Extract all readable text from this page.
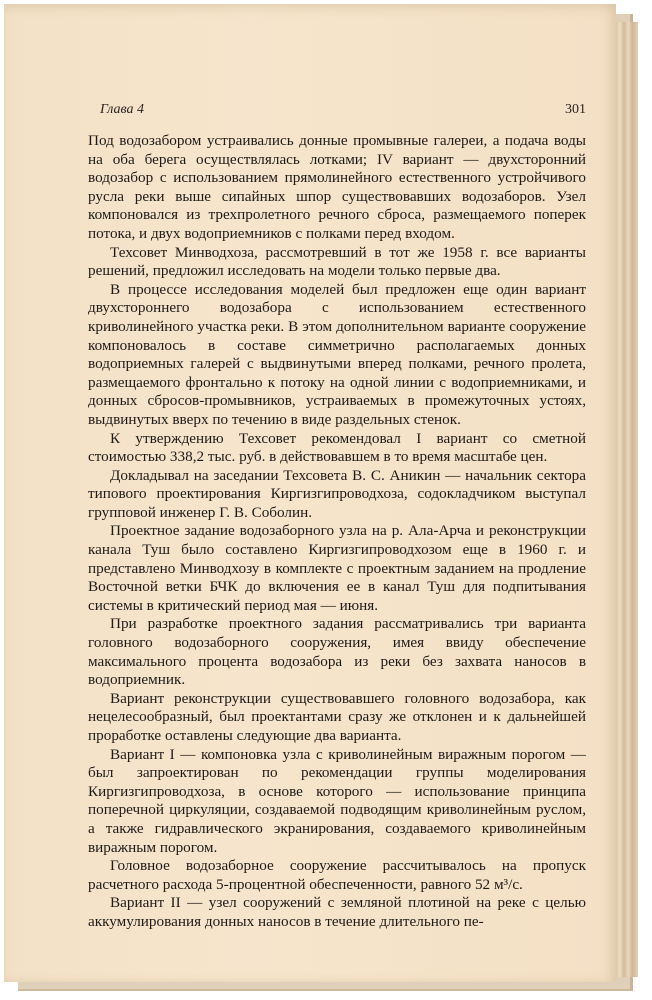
Глава 4	301

Под водозабором устраивались донные промывные галереи, а подача воды на оба берега осуществлялась лотками; IV вариант — двухсторонний водозабор с использованием прямолинейного естественного устройчивого русла реки выше сипайных шпор существовавших водозаборов. Узел компоновался из трехпролетного речного сброса, размещаемого поперек потока, и двух водоприемников с полками перед входом.

Техсовет Минводхоза, рассмотревший в тот же 1958 г. все варианты решений, предложил исследовать на модели только первые два.

В процессе исследования моделей был предложен еще один вариант двухстороннего водозабора с использованием естественного криволинейного участка реки. В этом дополнительном варианте сооружение компоновалось в составе симметрично располагаемых донных водоприемных галерей с выдвинутыми вперед полками, речного пролета, размещаемого фронтально к потоку на одной линии с водоприемниками, и донных сбросов-промывников, устраиваемых в промежуточных устоях, выдвинутых вверх по течению в виде раздельных стенок.

К утверждению Техсовет рекомендовал I вариант со сметной стоимостью 338,2 тыс. руб. в действовавшем в то время масштабе цен.

Докладывал на заседании Техсовета В. С. Аникин — начальник сектора типового проектирования Киргизгипроводхоза, содокладчиком выступал групповой инженер Г. В. Соболин.

Проектное задание водозаборного узла на р. Ала-Арча и реконструкции канала Туш было составлено Киргизгипроводхозом еще в 1960 г. и представлено Минводхозу в комплекте с проектным заданием на продление Восточной ветки БЧК до включения ее в канал Туш для подпитывания системы в критический период мая — июня.

При разработке проектного задания рассматривались три варианта головного водозаборного сооружения, имея ввиду обеспечение максимального процента водозабора из реки без захвата наносов в водоприемник.

Вариант реконструкции существовавшего головного водозабора, как нецелесообразный, был проектантами сразу же отклонен и к дальнейшей проработке оставлены следующие два варианта.

Вариант I — компоновка узла с криволинейным виражным порогом — был запроектирован по рекомендации группы моделирования Киргизгипроводхоза, в основе которого — использование принципа поперечной циркуляции, создаваемой подводящим криволинейным руслом, а также гидравлического экранирования, создаваемого криволинейным виражным порогом.

Головное водозаборное сооружение рассчитывалось на пропуск расчетного расхода 5-процентной обеспеченности, равного 52 м³/с.

Вариант II — узел сооружений с земляной плотиной на реке с целью аккумулирования донных наносов в течение длительного пе-
